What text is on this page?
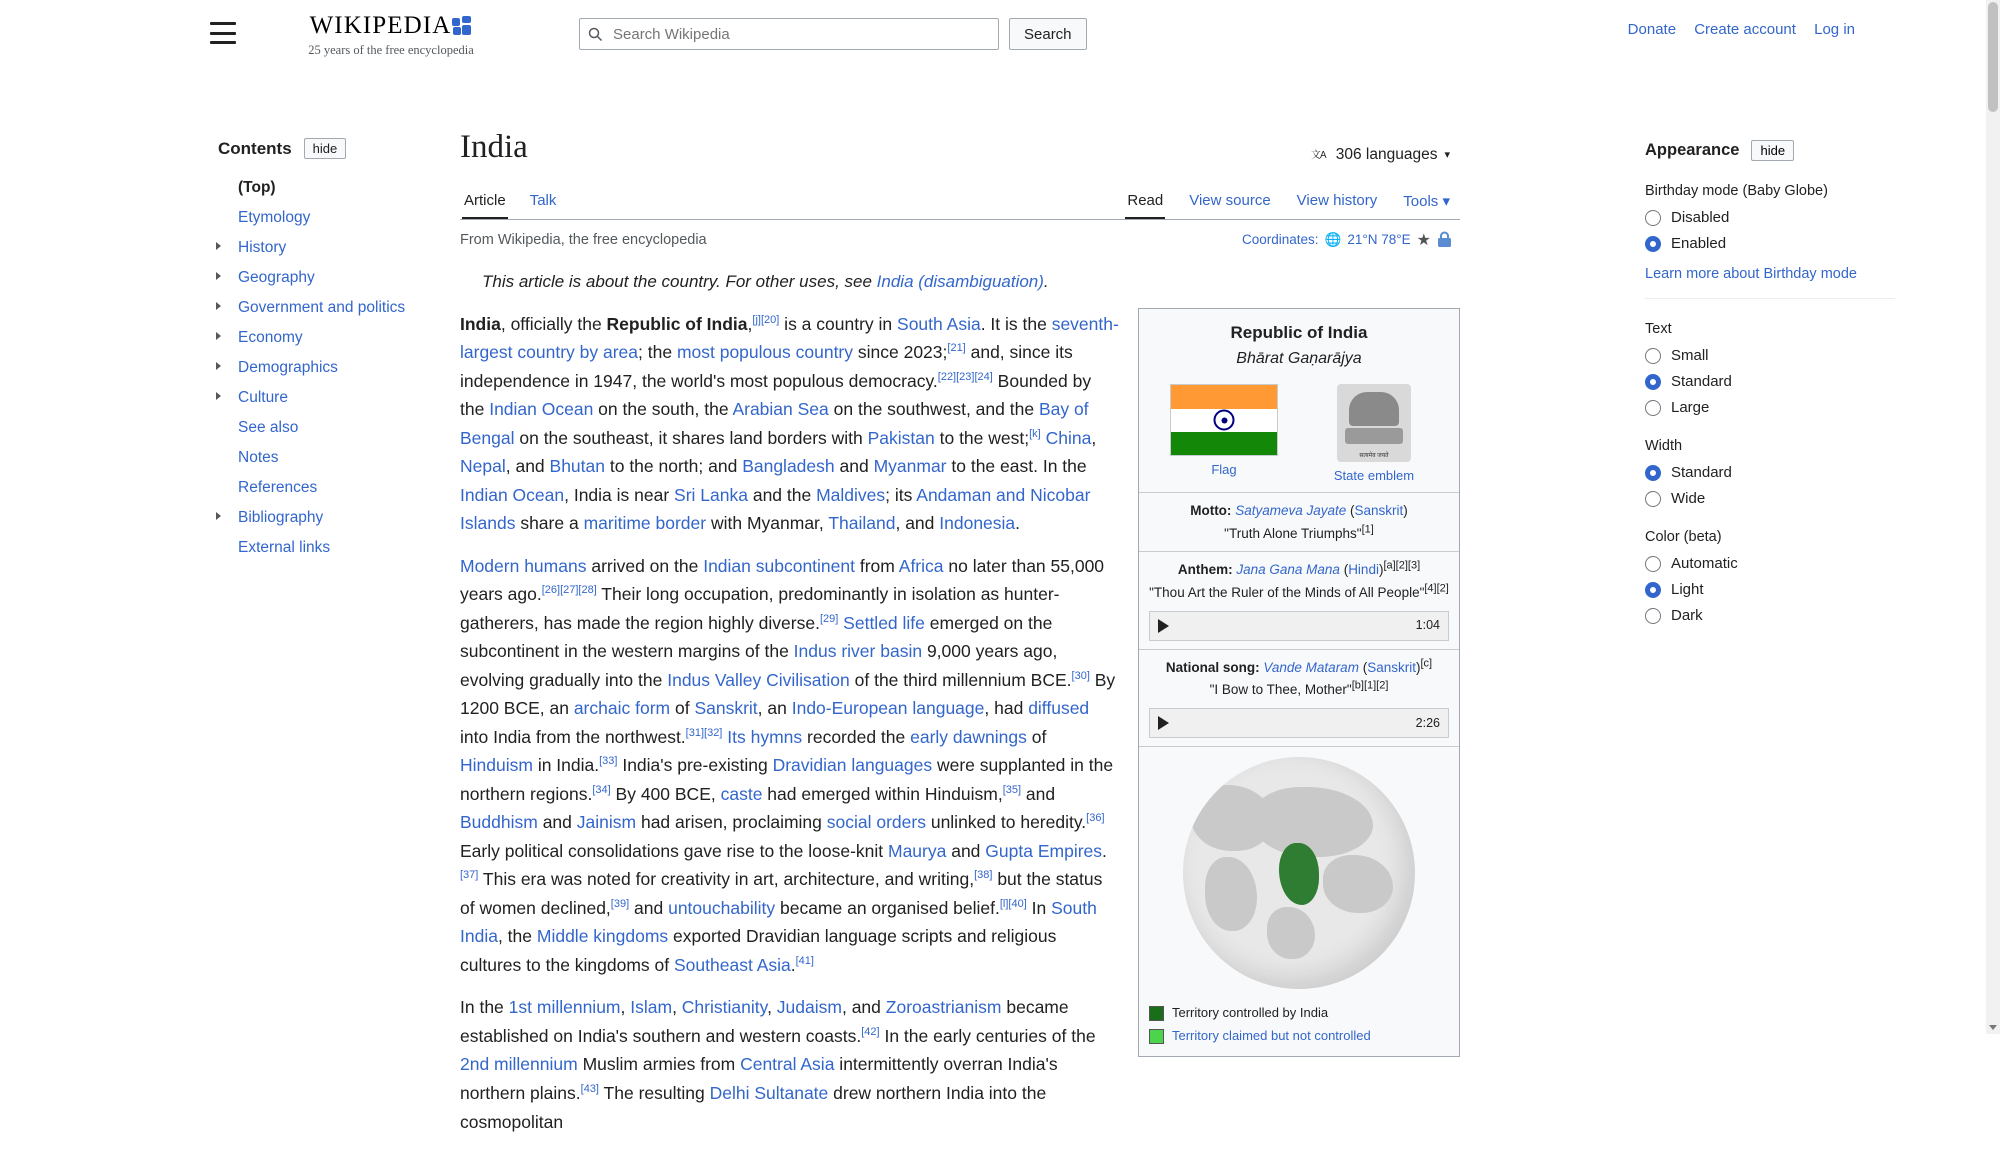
WIKIPEDIA
25 years of the free encyclopedia
Search Wikipedia
Search	Donate Create account Log in
Contents	hide
(Top)
Etymology
History
Geography
Government and politics
Economy
Demographics
Culture
See also
Notes
References
Bibliography
External links
India	文 A 306 languages ▾
Article Talk	Read View source View history Tools ▾
From Wikipedia, the free encyclopedia	Coordinates: 🌐 21°N 78°E ★
This article is about the country. For other uses, see India (disambiguation).

India, officially the Republic of India,[j][20] is a country in South Asia. It is the seventh-largest country by area; the most populous country since 2023;[21] and, since its independence in 1947, the world's most populous democracy.[22][23][24] Bounded by the Indian Ocean on the south, the Arabian Sea on the southwest, and the Bay of Bengal on the southeast, it shares land borders with Pakistan to the west;[k] China, Nepal, and Bhutan to the north; and Bangladesh and Myanmar to the east. In the Indian Ocean, India is near Sri Lanka and the Maldives; its Andaman and Nicobar Islands share a maritime border with Myanmar, Thailand, and Indonesia.

Modern humans arrived on the Indian subcontinent from Africa no later than 55,000 years ago.[26][27][28] Their long occupation, predominantly in isolation as hunter-gatherers, has made the region highly diverse.[29] Settled life emerged on the subcontinent in the western margins of the Indus river basin 9,000 years ago, evolving gradually into the Indus Valley Civilisation of the third millennium BCE.[30] By 1200 BCE, an archaic form of Sanskrit, an Indo-European language, had diffused into India from the northwest.[31][32] Its hymns recorded the early dawnings of Hinduism in India.[33] India's pre-existing Dravidian languages were supplanted in the northern regions.[34] By 400 BCE, caste had emerged within Hinduism,[35] and Buddhism and Jainism had arisen, proclaiming social orders unlinked to heredity.[36] Early political consolidations gave rise to the loose-knit Maurya and Gupta Empires.[37] This era was noted for creativity in art, architecture, and writing,[38] but the status of women declined,[39] and untouchability became an organised belief.[l][40] In South India, the Middle kingdoms exported Dravidian language scripts and religious cultures to the kingdoms of Southeast Asia.[41]

In the 1st millennium, Islam, Christianity, Judaism, and Zoroastrianism became established on India's southern and western coasts.[42] In the early centuries of the 2nd millennium Muslim armies from Central Asia intermittently overran India's northern plains.[43] The resulting Delhi Sultanate drew northern India into the cosmopolitan

Republic of India
Bhārat Gaṇarājya
Flag
सत्यमेव जयते
State emblem
Motto: Satyameva Jayate (Sanskrit)
"Truth Alone Triumphs"[1]
Anthem: Jana Gana Mana (Hindi)[a][2][3]
"Thou Art the Ruler of the Minds of All People"[4][2]
1:04
National song: Vande Mataram (Sanskrit)[c]
"I Bow to Thee, Mother"[b][1][2]
2:26
Territory controlled by India
Territory claimed but not controlled
Appearance	hide
Birthday mode (Baby Globe)
Disabled
Enabled
Learn more about Birthday mode
Text
Small
Standard
Large
Width
Standard
Wide
Color (beta)
Automatic
Light
Dark
